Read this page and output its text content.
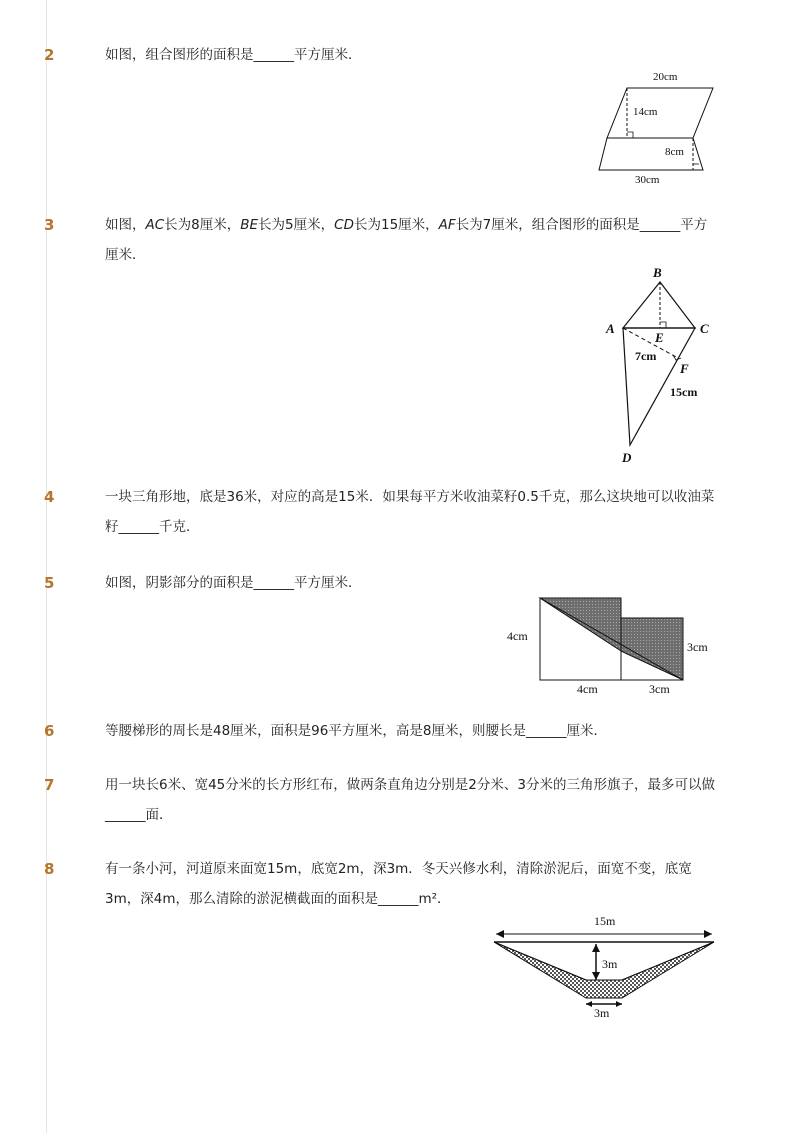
2	如图，组合图形的面积是______平方厘米．
20cm
14cm
8cm
30cm
3	如图，AC长为8厘米，BE长为5厘米，CD长为15厘米，AF长为7厘米，组合图形的面积是______平方厘米．
B
A	C
E
F
D
7cm
15cm
4	一块三角形地，底是36米，对应的高是15米．如果每平方米收油菜籽0.5千克，那么这块地可以收油菜籽______千克．
5	如图，阴影部分的面积是______平方厘米．
4cm
3cm
4cm	3cm
6	等腰梯形的周长是48厘米，面积是96平方厘米，高是8厘米，则腰长是______厘米．
7	用一块长6米、宽45分米的长方形红布，做两条直角边分别是2分米、3分米的三角形旗子，最多可以做______面．
8	有一条小河，河道原来面宽15m，底宽2m，深3m．冬天兴修水利，清除淤泥后，面宽不变，底宽3m，深4m，那么清除的淤泥横截面的面积是______m²．
15m
3m
3m
